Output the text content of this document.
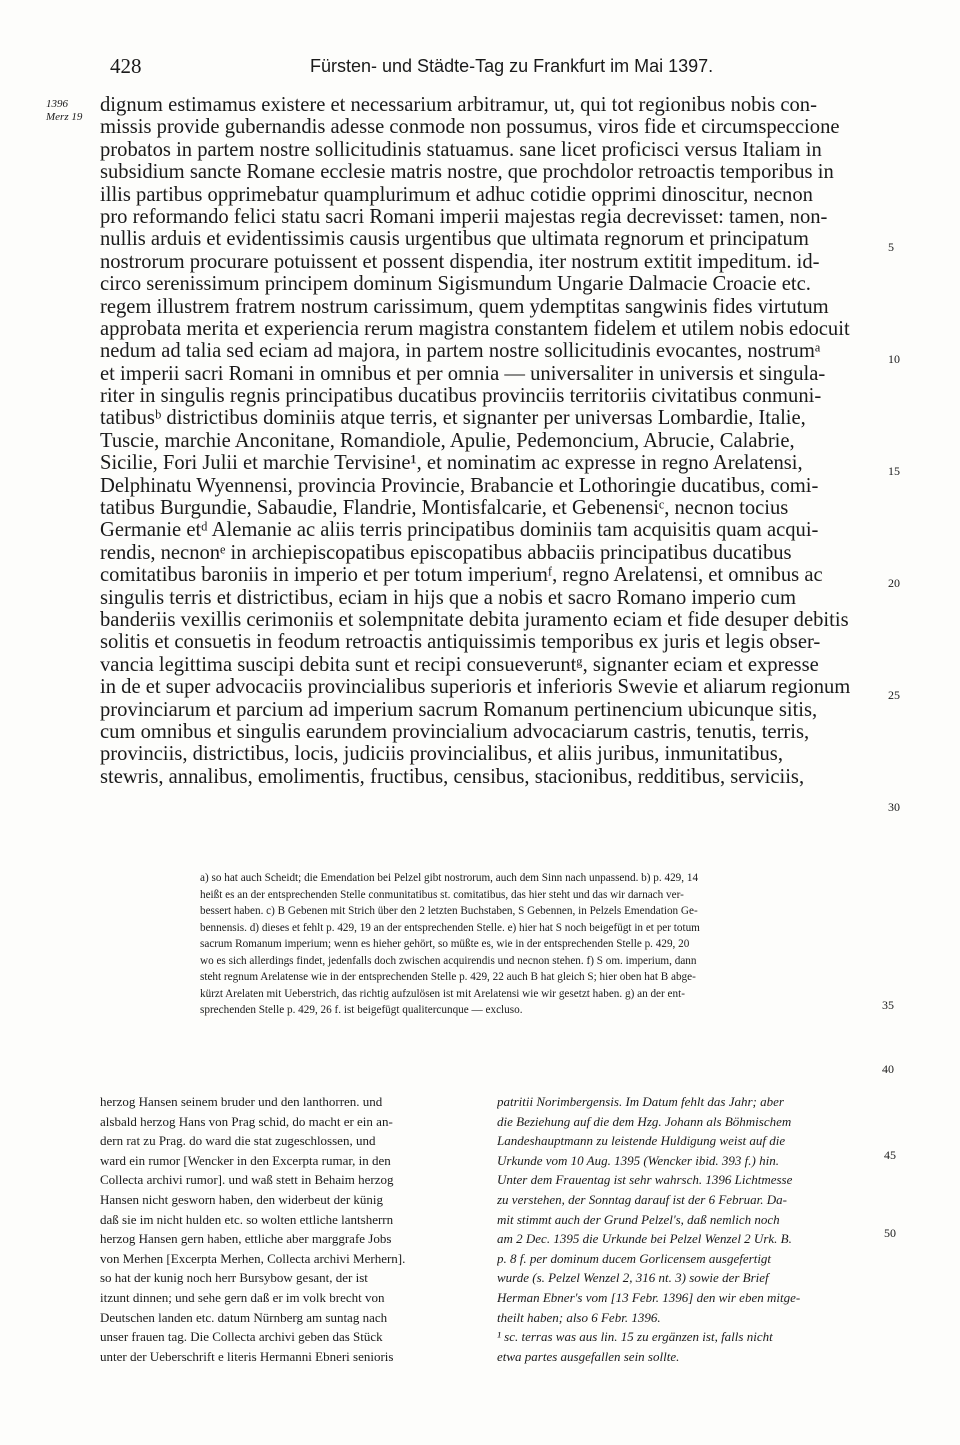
428	Fürsten- und Städte-Tag zu Frankfurt im Mai 1397.
1396
Merz 19
dignum estimamus existere et necessarium arbitramur, ut, qui tot regionibus nobis con-
missis provide gubernandis adesse conmode non possumus, viros fide et circumspeccione
probatos in partem nostre sollicitudinis statuamus. sane licet proficisci versus Italiam in
subsidium sancte Romane ecclesie matris nostre, que prochdolor retroactis temporibus in
illis partibus opprimebatur quamplurimum et adhuc cotidie opprimi dinoscitur, necnon
pro reformando felici statu sacri Romani imperii majestas regia decrevisset: tamen, non-
nullis arduis et evidentissimis causis urgentibus que ultimata regnorum et principatum
nostrorum procurare potuissent et possent dispendia, iter nostrum extitit impeditum. id-
circo serenissimum principem dominum Sigismundum Ungarie Dalmacie Croacie etc.
regem illustrem fratrem nostrum carissimum, quem ydemptitas sangwinis fides virtutum
approbata merita et experiencia rerum magistra constantem fidelem et utilem nobis edocuit
nedum ad talia sed eciam ad majora, in partem nostre sollicitudinis evocantes, nostrumᵃ
et imperii sacri Romani in omnibus et per omnia — universaliter in universis et singula-
riter in singulis regnis principatibus ducatibus provinciis territoriis civitatibus conmuni-
tatibusᵇ districtibus dominiis atque terris, et signanter per universas Lombardie, Italie,
Tuscie, marchie Anconitane, Romandiole, Apulie, Pedemoncium, Abrucie, Calabrie,
Sicilie, Fori Julii et marchie Tervisine¹, et nominatim ac expresse in regno Arelatensi,
Delphinatu Wyennensi, provincia Provincie, Brabancie et Lothoringie ducatibus, comi-
tatibus Burgundie, Sabaudie, Flandrie, Montisfalcarie, et Gebenensiᶜ, necnon tocius
Germanie etᵈ Alemanie ac aliis terris principatibus dominiis tam acquisitis quam acqui-
rendis, necnonᵉ in archiepiscopatibus episcopatibus abbaciis principatibus ducatibus
comitatibus baroniis in imperio et per totum imperiumᶠ, regno Arelatensi, et omnibus ac
singulis terris et districtibus, eciam in hijs que a nobis et sacro Romano imperio cum
banderiis vexillis cerimoniis et solempnitate debita juramento eciam et fide desuper debitis
solitis et consuetis in feodum retroactis antiquissimis temporibus ex juris et legis obser-
vancia legittima suscipi debita sunt et recipi consueveruntᵍ, signanter eciam et expresse
in de et super advocaciis provincialibus superioris et inferioris Swevie et aliarum regionum
provinciarum et parcium ad imperium sacrum Romanum pertinencium ubicunque sitis,
cum omnibus et singulis earundem provincialium advocaciarum castris, tenutis, terris,
provinciis, districtibus, locis, judiciis provincialibus, et aliis juribus, inmunitatibus,
stewris, annalibus, emolimentis, fructibus, censibus, stacionibus, redditibus, serviciis,
5
10
15
20
25
30
a) so hat auch Scheidt; die Emendation bei Pelzel gibt nostrorum, auch dem Sinn nach unpassend. b) p. 429, 14
heißt es an der entsprechenden Stelle conmunitatibus st. comitatibus, das hier steht und das wir darnach ver-
bessert haben. c) B Gebenen mit Strich über den 2 letzten Buchstaben, S Gebennen, in Pelzels Emendation Ge-
bennensis. d) dieses et fehlt p. 429, 19 an der entsprechenden Stelle. e) hier hat S noch beigefügt in et per totum
sacrum Romanum imperium; wenn es hieher gehört, so müßte es, wie in der entsprechenden Stelle p. 429, 20
wo es sich allerdings findet, jedenfalls doch zwischen acquirendis und necnon stehen. f) S om. imperium, dann
steht regnum Arelatense wie in der entsprechenden Stelle p. 429, 22 auch B hat gleich S; hier oben hat B abge-
kürzt Arelaten mit Ueberstrich, das richtig aufzulösen ist mit Arelatensi wie wir gesetzt haben. g) an der ent-
sprechenden Stelle p. 429, 26 f. ist beigefügt qualitercunque — excluso.	35
40
herzog Hansen seinem bruder und den lanthorren. und
alsbald herzog Hans von Prag schid, do macht er ein an-
dern rat zu Prag. do ward die stat zugeschlossen, und
ward ein rumor [Wencker in den Excerpta rumar, in den
Collecta archivi rumor]. und waß stett in Behaim herzog
Hansen nicht gesworn haben, den widerbeut der künig
daß sie im nicht hulden etc. so wolten ettliche lantsherrn
herzog Hansen gern haben, ettliche aber marggrafe Jobs
von Merhen [Excerpta Merhen, Collecta archivi Merhern].
so hat der kunig noch herr Bursybow gesant, der ist
itzunt dinnen; und sehe gern daß er im volk brecht von
Deutschen landen etc. datum Nürnberg am suntag nach
unser frauen tag. Die Collecta archivi geben das Stück
unter der Ueberschrift e literis Hermanni Ebneri senioris
patritii Norimbergensis. Im Datum fehlt das Jahr; aber
die Beziehung auf die dem Hzg. Johann als Böhmischem
Landeshauptmann zu leistende Huldigung weist auf die
Urkunde vom 10 Aug. 1395 (Wencker ibid. 393 f.) hin.
Unter dem Frauentag ist sehr wahrsch. 1396 Lichtmesse
zu verstehen, der Sonntag darauf ist der 6 Februar. Da-
mit stimmt auch der Grund Pelzel's, daß nemlich noch
am 2 Dec. 1395 die Urkunde bei Pelzel Wenzel 2 Urk. B.
p. 8 f. per dominum ducem Gorlicensem ausgefertigt
wurde (s. Pelzel Wenzel 2, 316 nt. 3) sowie der Brief
Herman Ebner's vom [13 Febr. 1396] den wir eben mitge-
theilt haben; also 6 Febr. 1396.
¹ sc. terras was aus lin. 15 zu ergänzen ist, falls nicht
etwa partes ausgefallen sein sollte.
45
50
